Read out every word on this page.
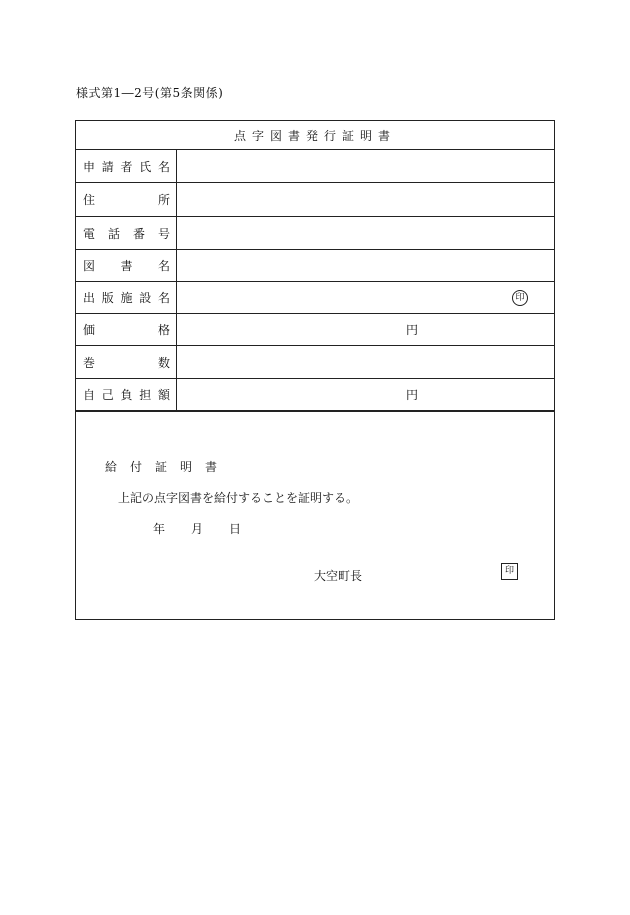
様式第1―2号(第5条関係)
点字図書発行証明書
申 請 者 氏 名
住	所
電 話 番 号
図 書 名
出 版 施 設 名	印
価	格	円
巻	数
自 己 負 担 額	円
給付証明書
上記の点字図書を給付することを証明する。
年 月 日
大空町長	印
